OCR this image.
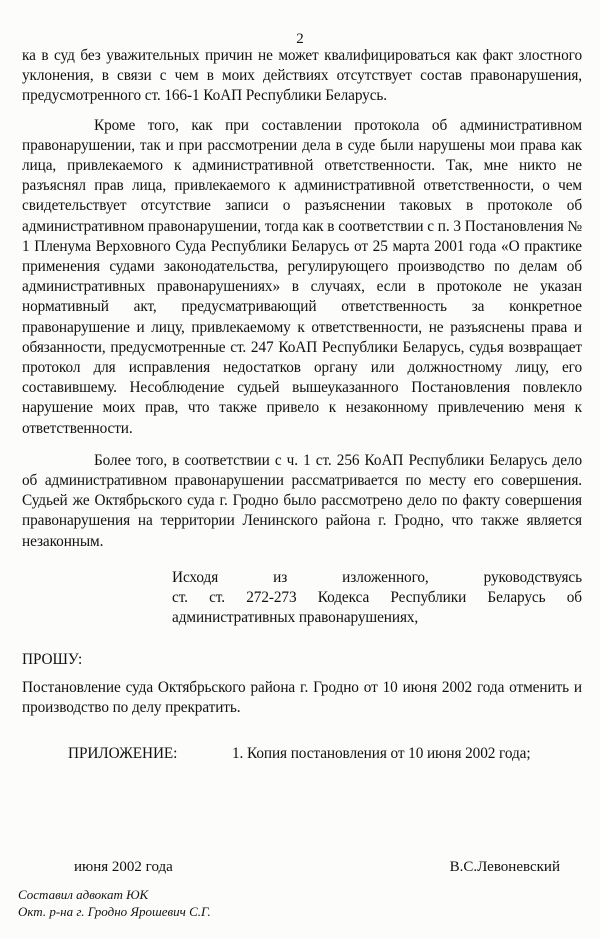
2

ка в суд без уважительных причин не может квалифицироваться как факт злостного уклонения, в связи с чем в моих действиях отсутствует состав правонарушения, предусмотренного ст. 166-1 КоАП Республики Беларусь.

Кроме того, как при составлении протокола об административном правонарушении, так и при рассмотрении дела в суде были нарушены мои права как лица, привлекаемого к административной ответственности. Так, мне никто не разъяснял прав лица, привлекаемого к административной ответственности, о чем свидетельствует отсутствие записи о разъяснении таковых в протоколе об административном правонарушении, тогда как в соответствии с п. 3 Постановления № 1 Пленума Верховного Суда Республики Беларусь от 25 марта 2001 года «О практике применения судами законодательства, регулирующего производство по делам об административных правонарушениях» в случаях, если в протоколе не указан нормативный акт, предусматривающий ответственность за конкретное правонарушение и лицу, привлекаемому к ответственности, не разъяснены права и обязанности, предусмотренные ст. 247 КоАП Республики Беларусь, судья возвращает протокол для исправления недостатков органу или должностному лицу, его составившему. Несоблюдение судьей вышеуказанного Постановления повлекло нарушение моих прав, что также привело к незаконному привлечению меня к ответственности.

Более того, в соответствии с ч. 1 ст. 256 КоАП Республики Беларусь дело об административном правонарушении рассматривается по месту его совершения. Судьей же Октябрьского суда г. Гродно было рассмотрено дело по факту совершения правонарушения на территории Ленинского района г. Гродно, что также является незаконным.

Исходя из изложенного, руководствуясь
ст. ст. 272-273 Кодекса Республики Беларусь об административных правонарушениях,

ПРОШУ:

Постановление суда Октябрьского района г. Гродно от 10 июня 2002 года отменить и производство по делу прекратить.

ПРИЛОЖЕНИЕ:	1. Копия постановления от 10 июня 2002 года;
июня 2002 года	В.С.Левоневский
Составил адвокат ЮК
Окт. р-на г. Гродно Ярошевич С.Г.
